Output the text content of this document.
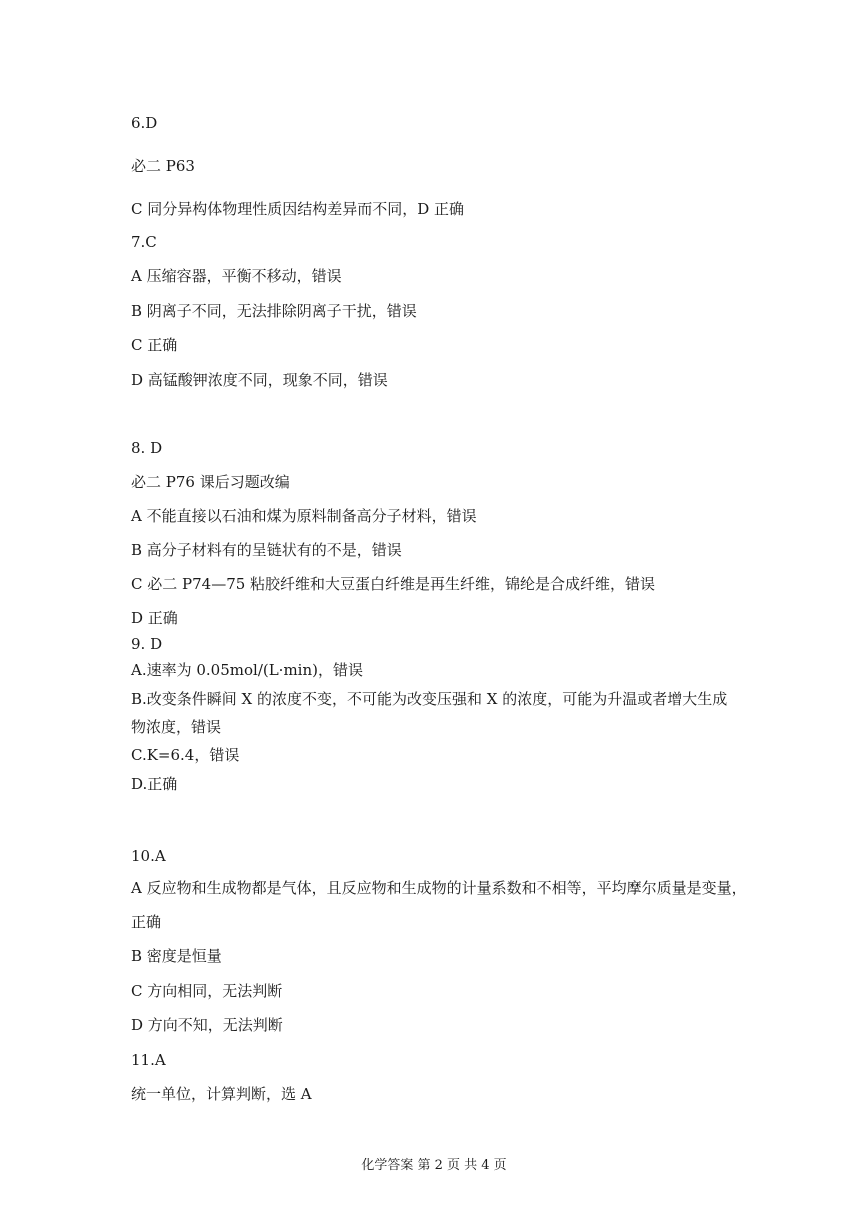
6.D

必二 P63

C 同分异构体物理性质因结构差异而不同，D 正确

7.C

A 压缩容器，平衡不移动，错误

B 阴离子不同，无法排除阴离子干扰，错误

C 正确

D 高锰酸钾浓度不同，现象不同，错误

8. D

必二 P76 课后习题改编

A 不能直接以石油和煤为原料制备高分子材料，错误

B 高分子材料有的呈链状有的不是，错误

C 必二 P74—75 粘胶纤维和大豆蛋白纤维是再生纤维，锦纶是合成纤维，错误

D 正确

9. D

A.速率为 0.05mol/(L·min)，错误

B.改变条件瞬间 X 的浓度不变，不可能为改变压强和 X 的浓度，可能为升温或者增大生成

物浓度，错误

C.K=6.4，错误

D.正确

10.A

A 反应物和生成物都是气体，且反应物和生成物的计量系数和不相等，平均摩尔质量是变量，

正确

B 密度是恒量

C 方向相同，无法判断

D 方向不知，无法判断

11.A

统一单位，计算判断，选 A

化学答案 第 2 页 共 4 页
